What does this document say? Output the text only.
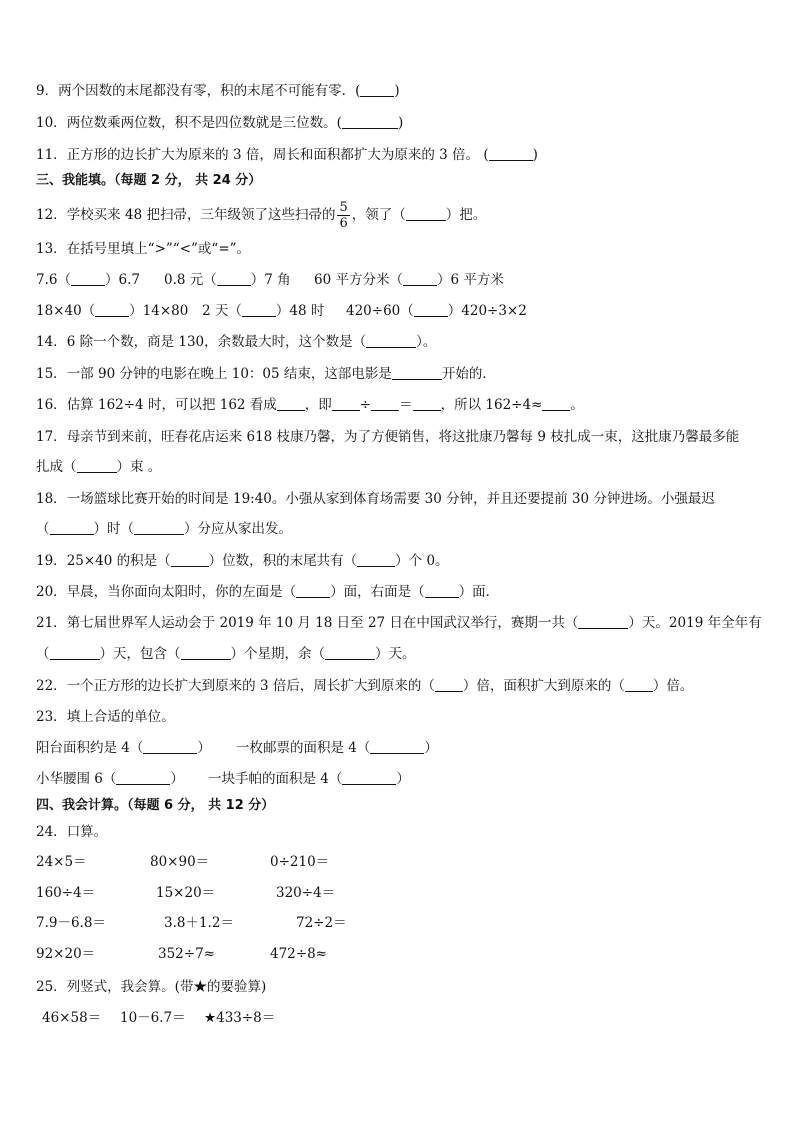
9．两个因数的末尾都没有零，积的末尾不可能有零．(	)
10．两位数乘两位数，积不是四位数就是三位数。(	)
11．正方形的边长扩大为原来的 3 倍，周长和面积都扩大为原来的 3 倍。 (	)
三、我能填。（每题 2 分， 共 24 分）
12．学校买来 48 把扫帚，三年级领了这些扫帚的 $\frac{5}{6}$ ，领了（	）把。
13．在括号里填上“>”“<”或“=”。
7.6（	）6.7 0.8 元（	）7 角 60 平方分米（	）6 平方米
18×40（	）14×80 2 天（	）48 时 420÷60（	）420÷3×2
14．6 除一个数，商是 130，余数最大时，这个数是（	）。
15．一部 90 分钟的电影在晚上 10：05 结束，这部电影是	开始的．
16．估算 162÷4 时，可以把 162 看成 ，即 ÷ ＝ ，所以 162÷4≈ 。
17．母亲节到来前，旺春花店运来 618 枝康乃馨，为了方便销售，将这批康乃馨每 9 枝扎成一束，这批康乃馨最多能
扎成（	）束 。
18．一场篮球比赛开始的时间是 19:40。小强从家到体育场需要 30 分钟，并且还要提前 30 分钟进场。小强最迟
（	）时（	）分应从家出发。
19．25×40 的积是（	）位数，积的末尾共有（	）个 0。
20．早晨，当你面向太阳时，你的左面是（	）面，右面是（	）面．
21．第七届世界军人运动会于 2019 年 10 月 18 日至 27 日在中国武汉举行，赛期一共（	）天。2019 年全年有
（	）天，包含（	）个星期，余（	）天。
22．一个正方形的边长扩大到原来的 3 倍后，周长扩大到原来的（ ）倍，面积扩大到原来的（ ）倍。
23．填上合适的单位。
阳台面积约是 4（	） 一枚邮票的面积是 4（	）
小华腰围 6（	） 一块手帕的面积是 4（	）
四、我会计算。（每题 6 分， 共 12 分）
24．口算。
24×5＝	80×90＝	0÷210＝
160÷4＝	15×20＝	320÷4＝
7.9－6.8＝	3.8＋1.2＝	72÷2＝
92×20＝	352÷7≈	472÷8≈
25．列竖式，我会算。(带★的要验算)
46×58＝ 10－6.7＝ ★433÷8＝
